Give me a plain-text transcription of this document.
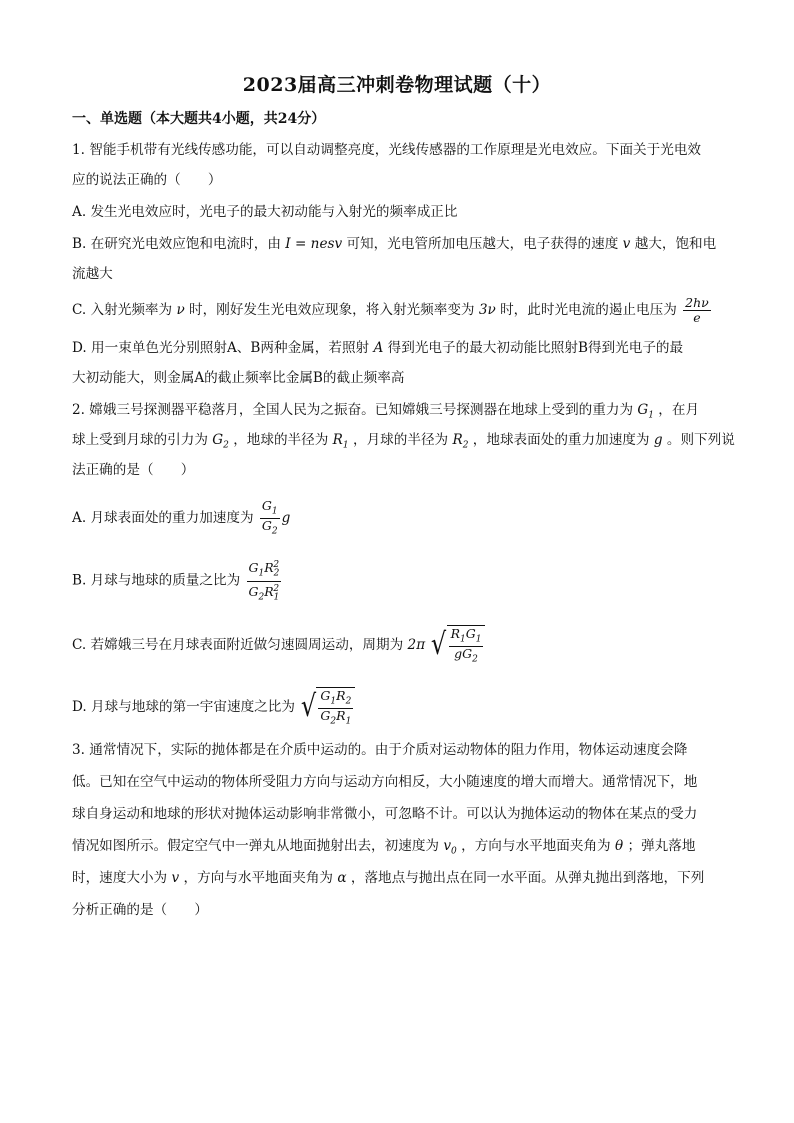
2023届高三冲刺卷物理试题（十）
一、单选题（本大题共4小题，共24分）
1. 智能手机带有光线传感功能，可以自动调整亮度，光线传感器的工作原理是光电效应。下面关于光电效
应的说法正确的（　　）
A. 发生光电效应时，光电子的最大初动能与入射光的频率成正比
B. 在研究光电效应饱和电流时，由 I = nesv 可知，光电管所加电压越大，电子获得的速度 v 越大，饱和电
流越大
C. 入射光频率为 ν 时，刚好发生光电效应现象，将入射光频率变为 3ν 时，此时光电流的遏止电压为 $\frac{2h\nu}{e}$
D. 用一束单色光分别照射A、B两种金属，若照射 A 得到光电子的最大初动能比照射B得到光电子的最
大初动能大，则金属A的截止频率比金属B的截止频率高
2. 嫦娥三号探测器平稳落月，全国人民为之振奋。已知嫦娥三号探测器在地球上受到的重力为 $G_1$ ，在月
球上受到月球的引力为 $G_2$ ，地球的半径为 $R_1$ ，月球的半径为 $R_2$ ，地球表面处的重力加速度为 g 。则下列说
法正确的是（　　）
A. 月球表面处的重力加速度为 $\frac{G_1}{G_2}$ g
B. 月球与地球的质量之比为 $\frac{G_1R_2^2}{G_2R_1^2}$
C. 若嫦娥三号在月球表面附近做匀速圆周运动，周期为 2π √ $\frac{R_1G_1}{gG_2}$
D. 月球与地球的第一宇宙速度之比为 √ $\frac{G_1R_2}{G_2R_1}$
3. 通常情况下，实际的抛体都是在介质中运动的。由于介质对运动物体的阻力作用，物体运动速度会降
低。已知在空气中运动的物体所受阻力方向与运动方向相反，大小随速度的增大而增大。通常情况下，地
球自身运动和地球的形状对抛体运动影响非常微小，可忽略不计。可以认为抛体运动的物体在某点的受力
情况如图所示。假定空气中一弹丸从地面抛射出去，初速度为 $v_0$ ，方向与水平地面夹角为 θ ；弹丸落地
时，速度大小为 v ，方向与水平地面夹角为 α ，落地点与抛出点在同一水平面。从弹丸抛出到落地，下列
分析正确的是（　　）
